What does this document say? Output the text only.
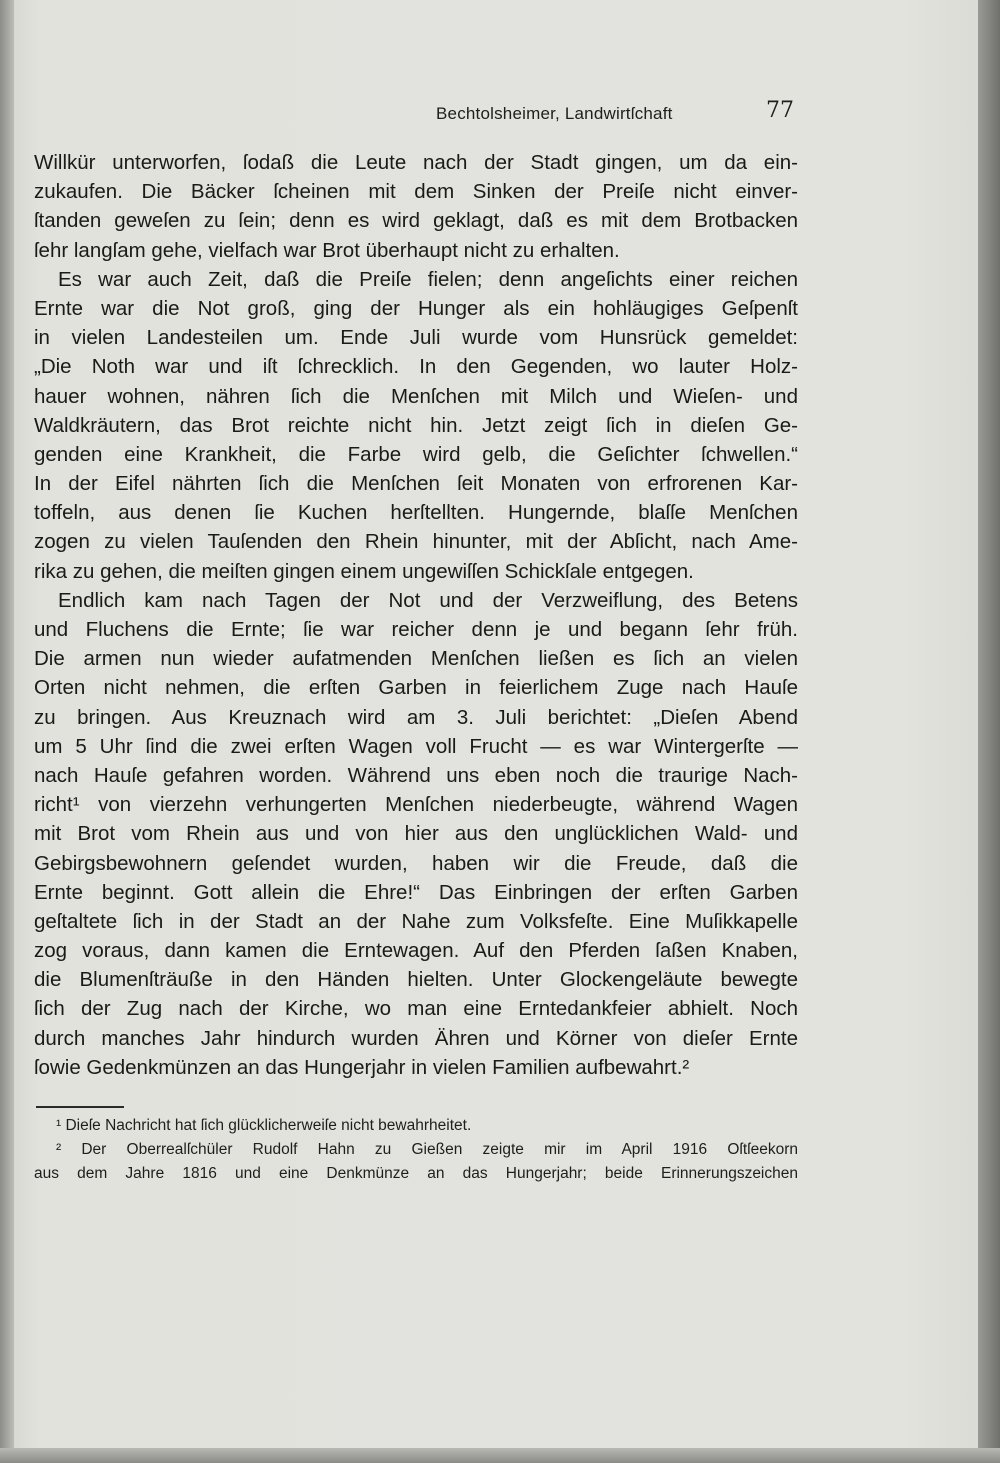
Bechtolsheimer, Landwirtſchaft	77
Willkür unterworfen, ſodaß die Leute nach der Stadt gingen, um da ein-
zukaufen. Die Bäcker ſcheinen mit dem Sinken der Preiſe nicht einver-
ſtanden geweſen zu ſein; denn es wird geklagt, daß es mit dem Brotbacken
ſehr langſam gehe, vielfach war Brot überhaupt nicht zu erhalten.
Es war auch Zeit, daß die Preiſe fielen; denn angeſichts einer reichen
Ernte war die Not groß, ging der Hunger als ein hohläugiges Geſpenſt
in vielen Landesteilen um. Ende Juli wurde vom Hunsrück gemeldet:
„Die Noth war und iſt ſchrecklich. In den Gegenden, wo lauter Holz-
hauer wohnen, nähren ſich die Menſchen mit Milch und Wieſen- und
Waldkräutern, das Brot reichte nicht hin. Jetzt zeigt ſich in dieſen Ge-
genden eine Krankheit, die Farbe wird gelb, die Geſichter ſchwellen.“
In der Eifel nährten ſich die Menſchen ſeit Monaten von erfrorenen Kar-
toffeln, aus denen ſie Kuchen herſtellten. Hungernde, blaſſe Menſchen
zogen zu vielen Tauſenden den Rhein hinunter, mit der Abſicht, nach Ame-
rika zu gehen, die meiſten gingen einem ungewiſſen Schickſale entgegen.
Endlich kam nach Tagen der Not und der Verzweiflung, des Betens
und Fluchens die Ernte; ſie war reicher denn je und begann ſehr früh.
Die armen nun wieder aufatmenden Menſchen ließen es ſich an vielen
Orten nicht nehmen, die erſten Garben in feierlichem Zuge nach Hauſe
zu bringen. Aus Kreuznach wird am 3. Juli berichtet: „Dieſen Abend
um 5 Uhr ſind die zwei erſten Wagen voll Frucht — es war Wintergerſte —
nach Hauſe gefahren worden. Während uns eben noch die traurige Nach-
richt¹ von vierzehn verhungerten Menſchen niederbeugte, während Wagen
mit Brot vom Rhein aus und von hier aus den unglücklichen Wald- und
Gebirgsbewohnern geſendet wurden, haben wir die Freude, daß die
Ernte beginnt. Gott allein die Ehre!“ Das Einbringen der erſten Garben
geſtaltete ſich in der Stadt an der Nahe zum Volksfeſte. Eine Muſikkapelle
zog voraus, dann kamen die Erntewagen. Auf den Pferden ſaßen Knaben,
die Blumenſträuße in den Händen hielten. Unter Glockengeläute bewegte
ſich der Zug nach der Kirche, wo man eine Erntedankfeier abhielt. Noch
durch manches Jahr hindurch wurden Ähren und Körner von dieſer Ernte
ſowie Gedenkmünzen an das Hungerjahr in vielen Familien aufbewahrt.²
¹ Dieſe Nachricht hat ſich glücklicherweiſe nicht bewahrheitet.
² Der Oberrealſchüler Rudolf Hahn zu Gießen zeigte mir im April 1916 Oſtſeekorn
aus dem Jahre 1816 und eine Denkmünze an das Hungerjahr; beide Erinnerungszeichen
